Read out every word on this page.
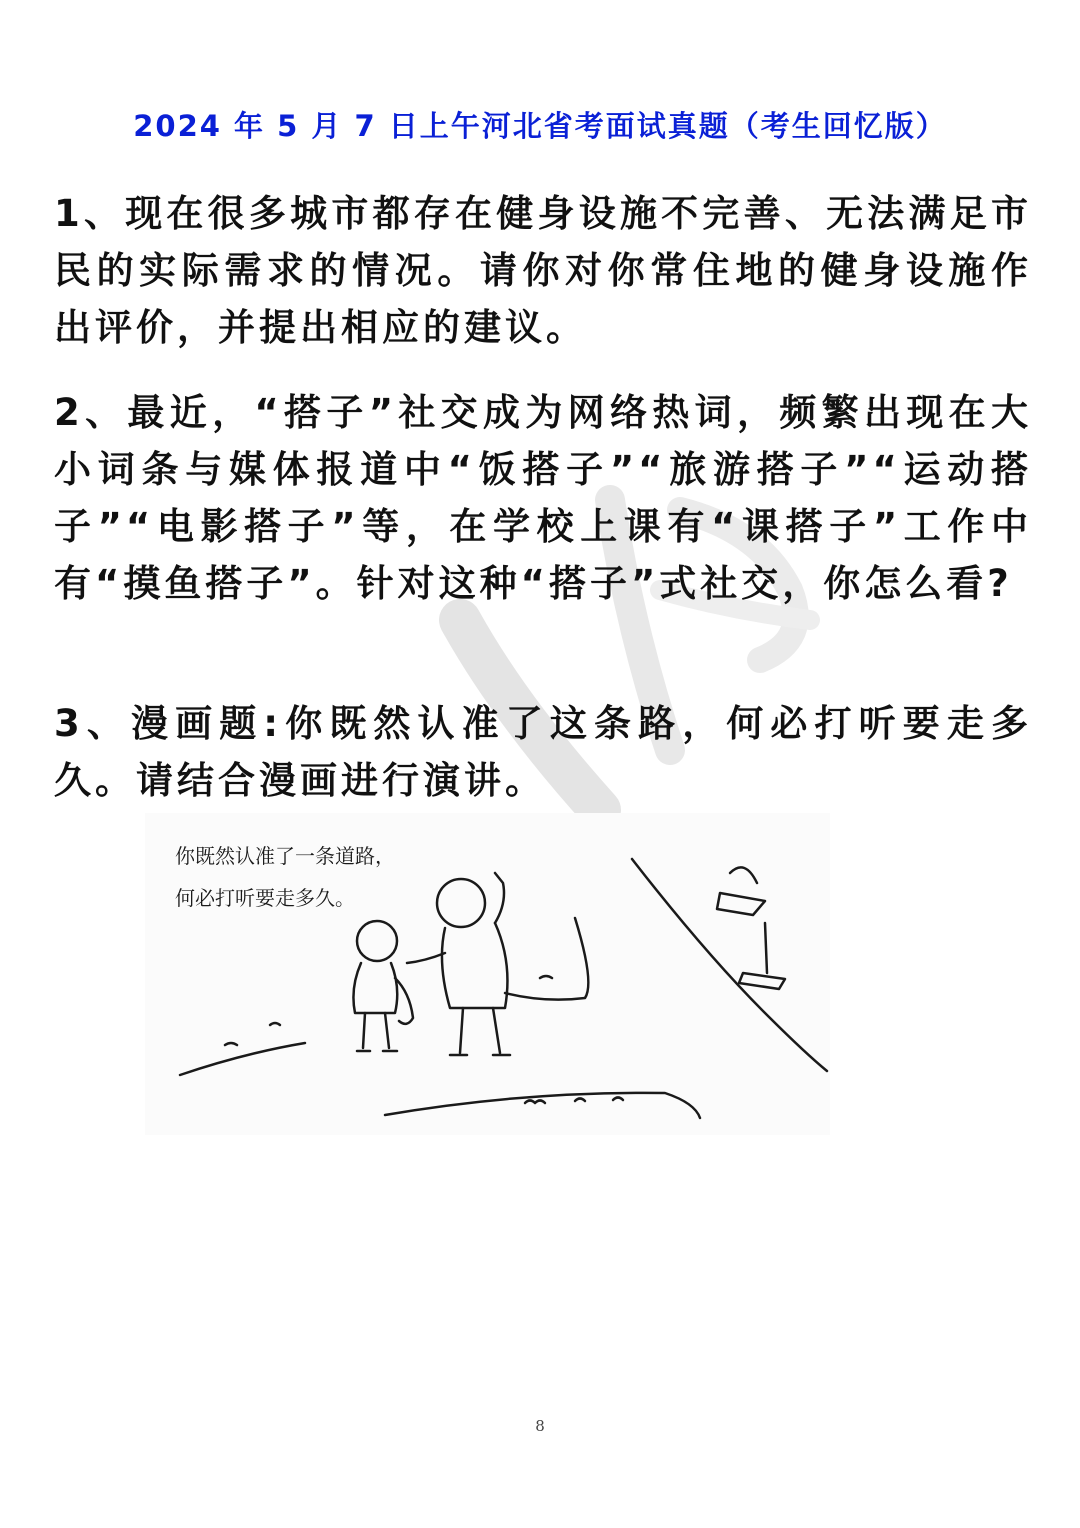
2024 年 5 月 7 日上午河北省考面试真题（考生回忆版）
1、现在很多城市都存在健身设施不完善、无法满足市民的实际需求的情况。请你对你常住地的健身设施作出评价，并提出相应的建议。
2、最近，“搭子”社交成为网络热词，频繁出现在大小词条与媒体报道中“饭搭子”“旅游搭子”“运动搭子”“电影搭子”等，在学校上课有“课搭子”工作中有“摸鱼搭子”。针对这种“搭子”式社交，你怎么看?
3、漫画题:你既然认准了这条路，何必打听要走多久。请结合漫画进行演讲。
你既然认准了一条道路，
何必打听要走多久。
8
